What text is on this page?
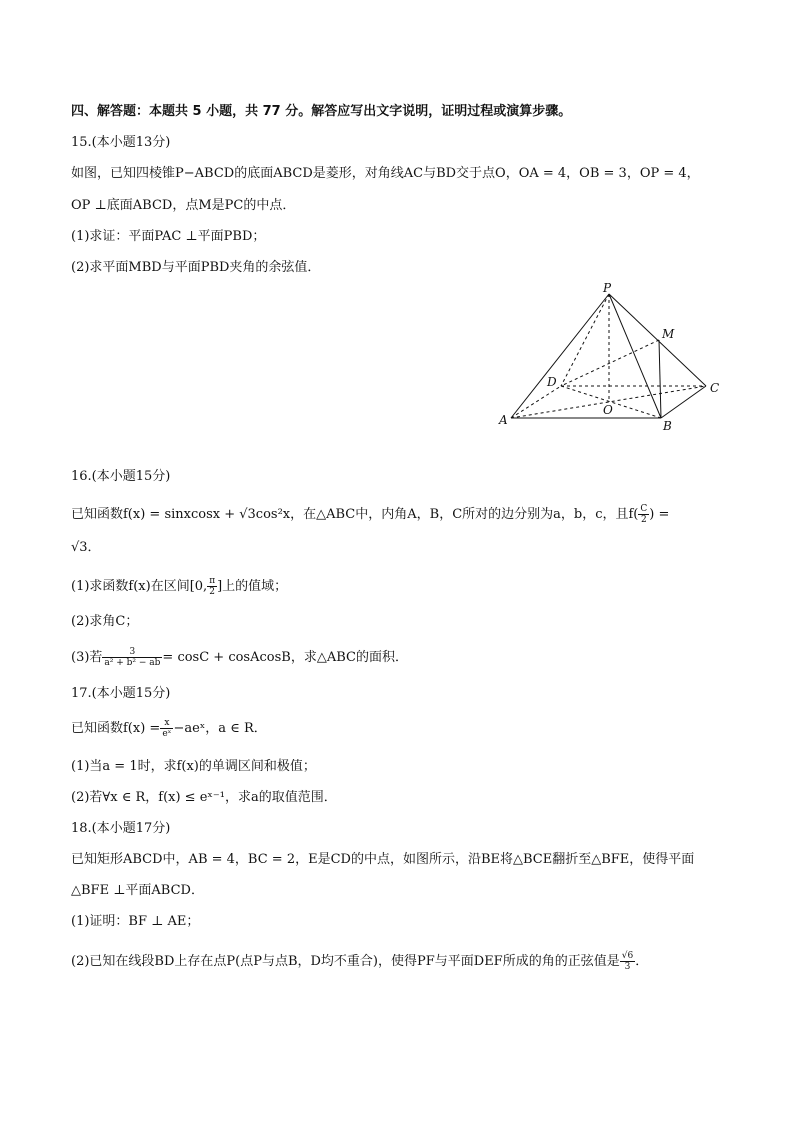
四、解答题：本题共 5 小题，共 77 分。解答应写出文字说明，证明过程或演算步骤。
15.(本小题13分)
如图，已知四棱锥P−ABCD的底面ABCD是菱形，对角线AC与BD交于点O，OA = 4，OB = 3，OP = 4，
OP ⊥底面ABCD，点M是PC的中点．
(1)求证：平面PAC ⊥平面PBD；
(2)求平面MBD与平面PBD夹角的余弦值．
P
M
D	C
O
A	B
16.(本小题15分)
已知函数f(x) = sinxcosx + √3cos²x，在△ABC中，内角A，B，C所对的边分别为a，b，c，且$f( \frac{C}{2}$ ) =
√3．
(1)求函数f(x)在区间[0, $\frac{\pi}{2}$ ]上的值域；
(2)求角C；
(3)若 $\frac{3}{\text{a² + b² − ab}} = \cos C$ + cosAcosB，求△ABC的面积．
17.(本小题15分)
已知函数$f(x) = \frac{x}{\text{eˣ}}$ −aeˣ，a ∈ R．
(1)当a = 1时，求f(x)的单调区间和极值；
(2)若∀x ∈ R，f(x) ≤ eˣ⁻¹，求a的取值范围．
18.(本小题17分)
已知矩形ABCD中，AB = 4，BC = 2，E是CD的中点，如图所示，沿BE将△BCE翻折至△BFE，使得平面
△BFE ⊥平面ABCD．
(1)证明：BF ⊥ AE；
(2)已知在线段BD上存在点P(点P与点B，D均不重合)，使得PF与平面DEF所成的角的正弦值是 $\frac{√6}{3}$ ．
